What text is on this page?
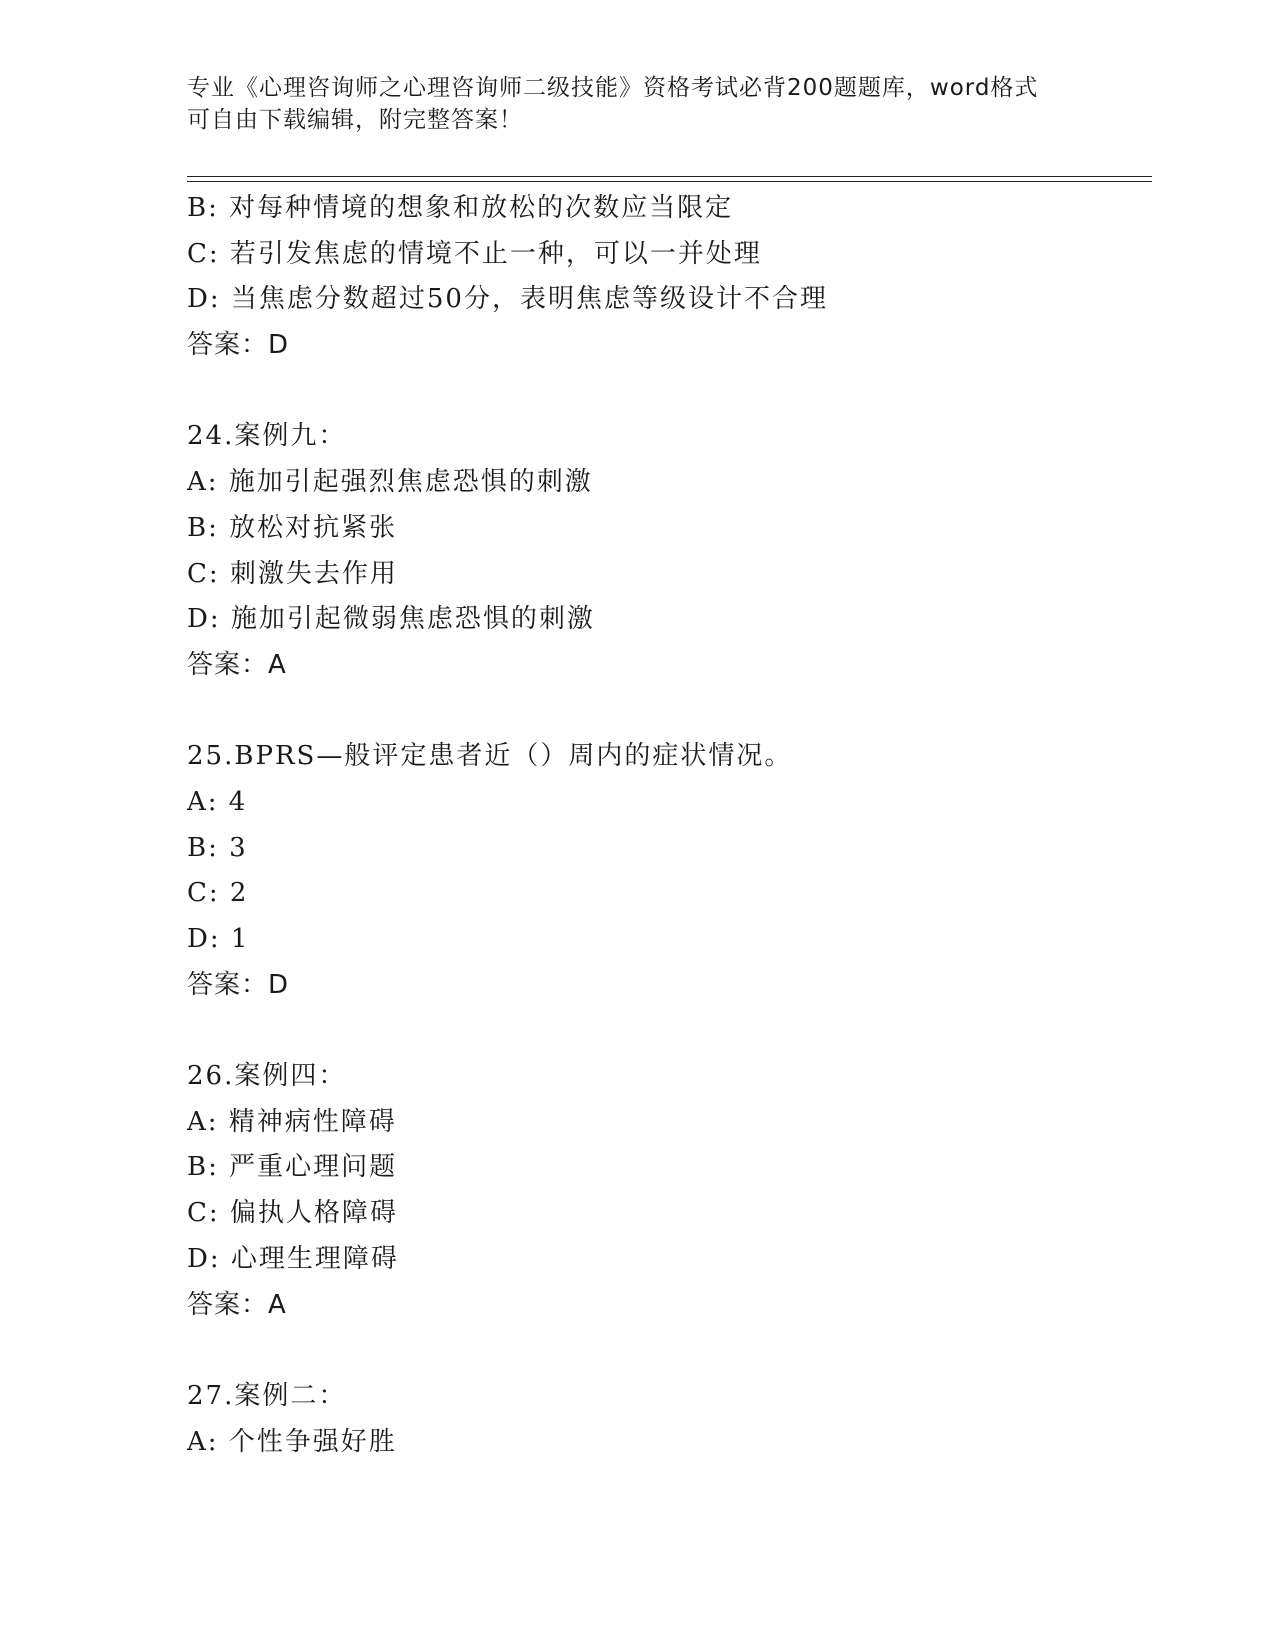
专业《心理咨询师之心理咨询师二级技能》资格考试必背200题题库，word格式
可自由下载编辑，附完整答案！
B: 对每种情境的想象和放松的次数应当限定
C: 若引发焦虑的情境不止一种，可以一并处理
D: 当焦虑分数超过50分，表明焦虑等级设计不合理
答案：D
24.案例九：
A: 施加引起强烈焦虑恐惧的刺激
B: 放松对抗紧张
C: 刺激失去作用
D: 施加引起微弱焦虑恐惧的刺激
答案：A
25.BPRS—般评定患者近（）周内的症状情况。
A: 4
B: 3
C: 2
D: 1
答案：D
26.案例四：
A: 精神病性障碍
B: 严重心理问题
C: 偏执人格障碍
D: 心理生理障碍
答案：A
27.案例二：
A: 个性争强好胜
